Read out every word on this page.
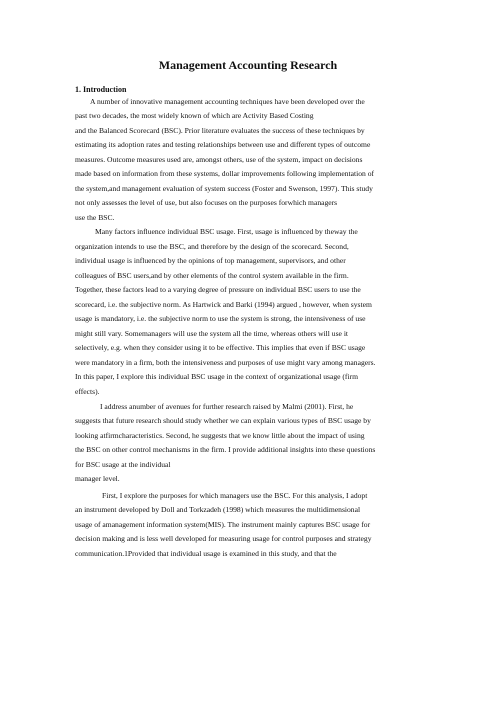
Management Accounting Research
1. Introduction
A number of innovative management accounting techniques have been developed over the
past two decades, the most widely known of which are Activity Based Costing
and the Balanced Scorecard (BSC). Prior literature evaluates the success of these techniques by
estimating its adoption rates and testing relationships between use and different types of outcome
measures. Outcome measures used are, amongst others, use of the system, impact on decisions
made based on information from these systems, dollar improvements following implementation of
the system,and management evaluation of system success (Foster and Swenson, 1997). This study
not only assesses the level of use, but also focuses on the purposes forwhich managers
use the BSC.
Many factors influence individual BSC usage. First, usage is influenced by theway the
organization intends to use the BSC, and therefore by the design of the scorecard. Second,
individual usage is influenced by the opinions of top management, supervisors, and other
colleagues of BSC users,and by other elements of the control system available in the firm.
Together, these factors lead to a varying degree of pressure on individual BSC users to use the
scorecard, i.e. the subjective norm. As Hartwick and Barki (1994) argued , however, when system
usage is mandatory, i.e. the subjective norm to use the system is strong, the intensiveness of use
might still vary. Somemanagers will use the system all the time, whereas others will use it
selectively, e.g. when they consider using it to be effective. This implies that even if BSC usage
were mandatory in a firm, both the intensiveness and purposes of use might vary among managers.
In this paper, I explore this individual BSC usage in the context of organizational usage (firm
effects).
I address anumber of avenues for further research raised by Malmi (2001). First, he
suggests that future research should study whether we can explain various types of BSC usage by
looking atfirmcharacteristics. Second, he suggests that we know little about the impact of using
the BSC on other control mechanisms in the firm. I provide additional insights into these questions
for BSC usage at the individual
manager level.
First, I explore the purposes for which managers use the BSC. For this analysis, I adopt
an instrument developed by Doll and Torkzadeh (1998) which measures the multidimensional
usage of amanagement information system(MIS). The instrument mainly captures BSC usage for
decision making and is less well developed for measuring usage for control purposes and strategy
communication.1Provided that individual usage is examined in this study, and that the
